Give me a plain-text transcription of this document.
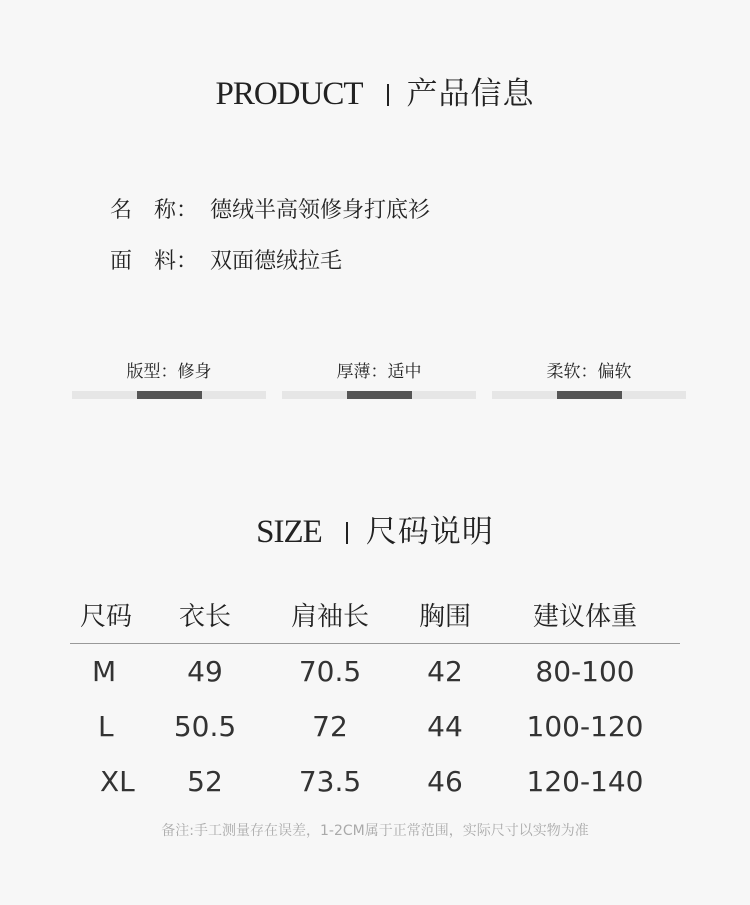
PRODUCT 产品信息
名　称： 德绒半高领修身打底衫
面　料： 双面德绒拉毛
版型：修身	厚薄：适中	柔软：偏软
SIZE 尺码说明
尺码	衣长	肩袖长	胸围	建议体重
M	49	70.5	42	80-100
L	50.5	72	44	100-120
XL	52	73.5	46	120-140
备注:手工测量存在误差，1-2CM属于正常范围，实际尺寸以实物为准
